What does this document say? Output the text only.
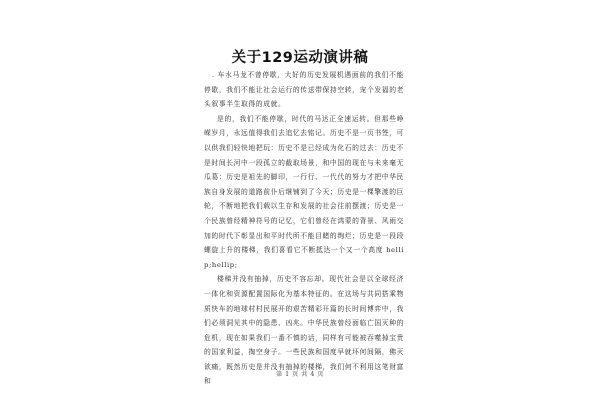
关于129运动演讲稿

. 车水马龙不曾停歇，大好的历史发展机遇面前的我们不能停歇，我们不能让社会运行的传送带保持空转，宠个发福的老头叙事半生取得的成就。

是的，我们不能停歇，时代的马达正全速运转。但那些峥嵘岁月，永远值得我们去追忆去铭记。历史不是一页书签，可以供我们轻快地把玩：历史不是已经成为化石的过去：历史不是时间长河中一段孤立的截取场景，和中国的现在与未来毫无瓜葛：历史是祖先的脚印，一行行、一代代的努力才把中华民族自身发展的道路前仆后继铺到了今天；历史是一棵擎渡的巨轮，不断地把我们载以生存和发展的社会往前摆渡；历史是一个民族曾经精神符号的记忆，它们曾经在鸿蒙的背景、风雨交加的时代下彰显出和平时代所不能目睹的绚烂；历史是一段段螺旋上升的楼梯，我们喜看它不断抵达一个又一个高度 hellip;hellip;

楼梯并没有抽掉，历史不容忘却。现代社会是以全球经济一体化和资源配置国际化为基本特征的。在这场与共同搭乘物质快车的地球村村民展开的艰苦精彩开篇的长时间博弈中，我们必须洞见其中的隐患、凶兆。中华民族曾经面临亡国灭种的危机，现在如果我们一番不慎的话，同样有可能被吞噬掉宝贵的国家利益，掏空身子。一些民族和国度早就坏何间隔，佛灭欲痛，既然历史是并没有抽掉的楼梯，我们何不利用这笔财富和

第 1 页 共 4 页
